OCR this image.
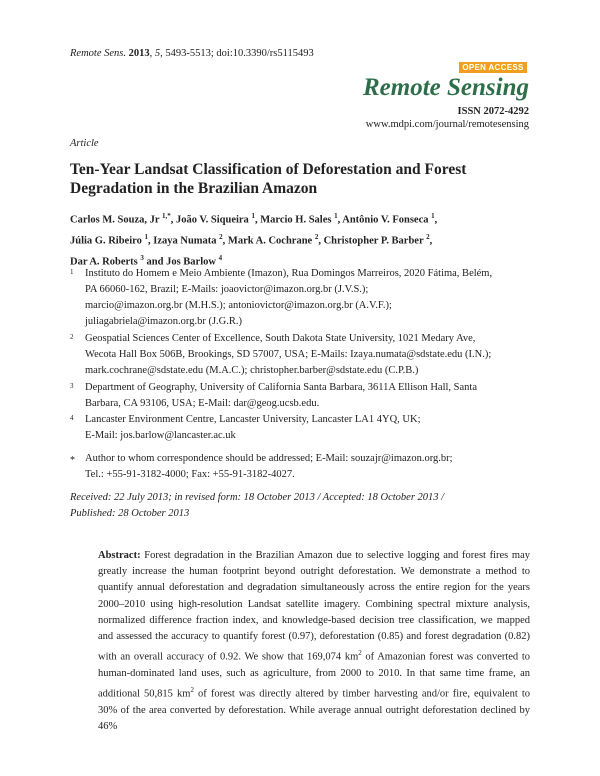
Remote Sens. 2013, 5, 5493-5513; doi:10.3390/rs5115493
OPEN ACCESS
Remote Sensing
ISSN 2072-4292
www.mdpi.com/journal/remotesensing
Article
Ten-Year Landsat Classification of Deforestation and Forest Degradation in the Brazilian Amazon
Carlos M. Souza, Jr $^{1,*}$, João V. Siqueira $^1$, Marcio H. Sales $^1$, Antônio V. Fonseca $^1$,
Júlia G. Ribeiro $^1$, Izaya Numata $^2$, Mark A. Cochrane $^2$, Christopher P. Barber $^2$,
Dar A. Roberts $^3$ and Jos Barlow $^4$
1 Instituto do Homem e Meio Ambiente (Imazon), Rua Domingos Marreiros, 2020 Fátima, Belém,
PA 66060-162, Brazil; E-Mails: joaovictor@imazon.org.br (J.V.S.);
marcio@imazon.org.br (M.H.S.); antoniovictor@imazon.org.br (A.V.F.);
juliagabriela@imazon.org.br (J.G.R.)
2 Geospatial Sciences Center of Excellence, South Dakota State University, 1021 Medary Ave,
Wecota Hall Box 506B, Brookings, SD 57007, USA; E-Mails: Izaya.numata@sdstate.edu (I.N.);
mark.cochrane@sdstate.edu (M.A.C.); christopher.barber@sdstate.edu (C.P.B.)
3 Department of Geography, University of California Santa Barbara, 3611A Ellison Hall, Santa
Barbara, CA 93106, USA; E-Mail: dar@geog.ucsb.edu.
4 Lancaster Environment Centre, Lancaster University, Lancaster LA1 4YQ, UK;
E-Mail: jos.barlow@lancaster.ac.uk
* Author to whom correspondence should be addressed; E-Mail: souzajr@imazon.org.br;
Tel.: +55-91-3182-4000; Fax: +55-91-3182-4027.
Received: 22 July 2013; in revised form: 18 October 2013 / Accepted: 18 October 2013 /
Published: 28 October 2013
Abstract: Forest degradation in the Brazilian Amazon due to selective logging and forest fires may greatly increase the human footprint beyond outright deforestation. We demonstrate a method to quantify annual deforestation and degradation simultaneously across the entire region for the years 2000–2010 using high-resolution Landsat satellite imagery. Combining spectral mixture analysis, normalized difference fraction index, and knowledge-based decision tree classification, we mapped and assessed the accuracy to quantify forest (0.97), deforestation (0.85) and forest degradation (0.82) with an overall accuracy of 0.92. We show that 169,074 $km^2$ of Amazonian forest was converted to human-dominated land uses, such as agriculture, from 2000 to 2010. In that same time frame, an additional 50,815 $km^2$ of forest was directly altered by timber harvesting and/or fire, equivalent to 30% of the area converted by deforestation. While average annual outright deforestation declined by 46%
